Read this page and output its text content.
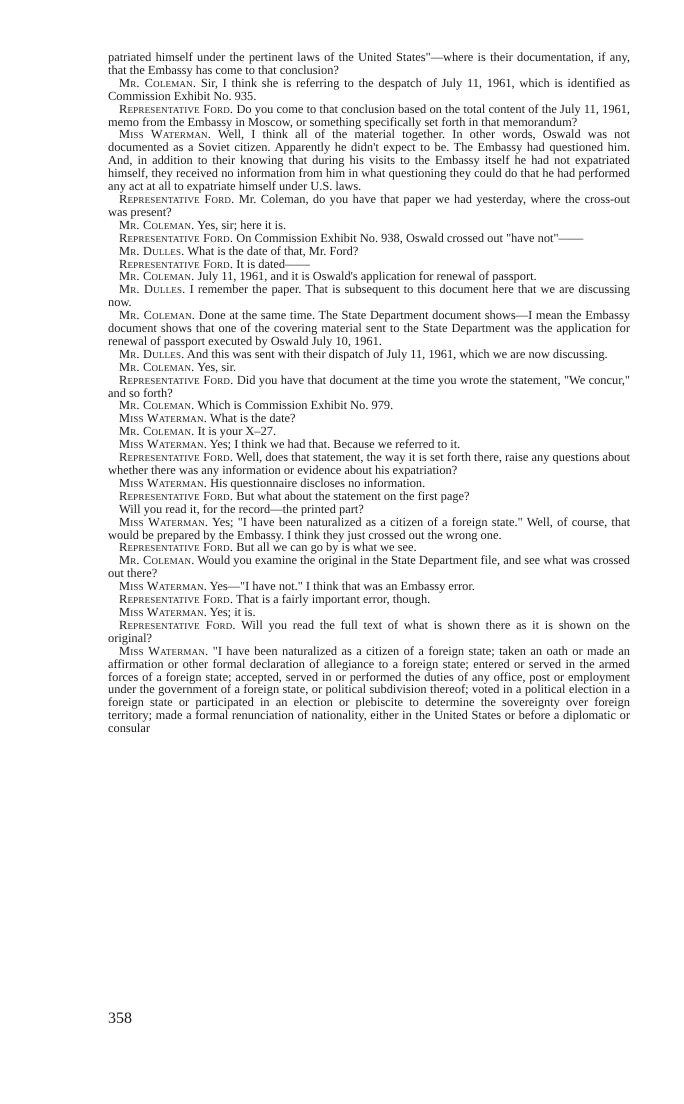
patriated himself under the pertinent laws of the United States"—where is their documentation, if any, that the Embassy has come to that conclusion?

Mr. Coleman. Sir, I think she is referring to the despatch of July 11, 1961, which is identified as Commission Exhibit No. 935.

Representative Ford. Do you come to that conclusion based on the total content of the July 11, 1961, memo from the Embassy in Moscow, or something specifically set forth in that memorandum?

Miss Waterman. Well, I think all of the material together. In other words, Oswald was not documented as a Soviet citizen. Apparently he didn't expect to be. The Embassy had questioned him. And, in addition to their knowing that during his visits to the Embassy itself he had not expatriated himself, they received no information from him in what questioning they could do that he had performed any act at all to expatriate himself under U.S. laws.

Representative Ford. Mr. Coleman, do you have that paper we had yesterday, where the cross-out was present?

Mr. Coleman. Yes, sir; here it is.

Representative Ford. On Commission Exhibit No. 938, Oswald crossed out "have not"——

Mr. Dulles. What is the date of that, Mr. Ford?

Representative Ford. It is dated——

Mr. Coleman. July 11, 1961, and it is Oswald's application for renewal of passport.

Mr. Dulles. I remember the paper. That is subsequent to this document here that we are discussing now.

Mr. Coleman. Done at the same time. The State Department document shows—I mean the Embassy document shows that one of the covering material sent to the State Department was the application for renewal of passport executed by Oswald July 10, 1961.

Mr. Dulles. And this was sent with their dispatch of July 11, 1961, which we are now discussing.

Mr. Coleman. Yes, sir.

Representative Ford. Did you have that document at the time you wrote the statement, "We concur," and so forth?

Mr. Coleman. Which is Commission Exhibit No. 979.

Miss Waterman. What is the date?

Mr. Coleman. It is your X–27.

Miss Waterman. Yes; I think we had that. Because we referred to it.

Representative Ford. Well, does that statement, the way it is set forth there, raise any questions about whether there was any information or evidence about his expatriation?

Miss Waterman. His questionnaire discloses no information.

Representative Ford. But what about the statement on the first page?

Will you read it, for the record—the printed part?

Miss Waterman. Yes; "I have been naturalized as a citizen of a foreign state." Well, of course, that would be prepared by the Embassy. I think they just crossed out the wrong one.

Representative Ford. But all we can go by is what we see.

Mr. Coleman. Would you examine the original in the State Department file, and see what was crossed out there?

Miss Waterman. Yes—"I have not." I think that was an Embassy error.

Representative Ford. That is a fairly important error, though.

Miss Waterman. Yes; it is.

Representative Ford. Will you read the full text of what is shown there as it is shown on the original?

Miss Waterman. "I have been naturalized as a citizen of a foreign state; taken an oath or made an affirmation or other formal declaration of allegiance to a foreign state; entered or served in the armed forces of a foreign state; accepted, served in or performed the duties of any office, post or employment under the government of a foreign state, or political subdivision thereof; voted in a political election in a foreign state or participated in an election or plebiscite to determine the sovereignty over foreign territory; made a formal renunciation of nationality, either in the United States or before a diplomatic or consular

358
